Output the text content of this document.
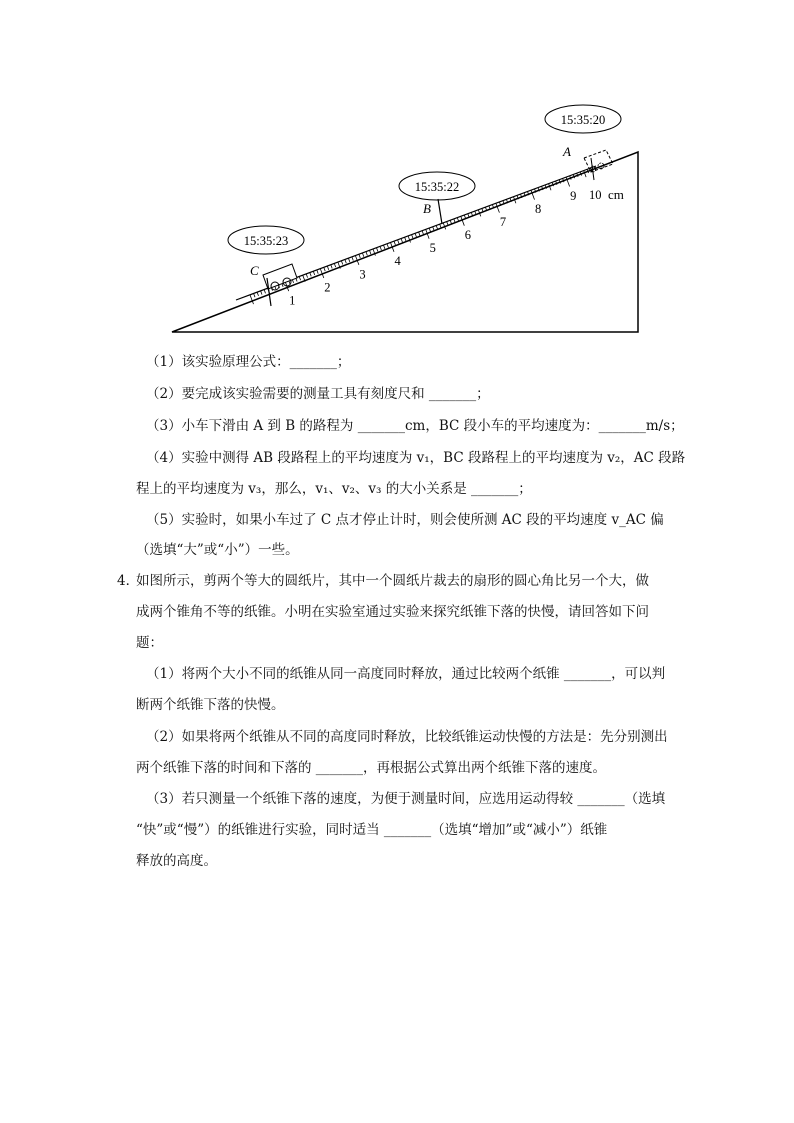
1
2
3
4
5
6
7
8
9 10 cm
A
15:35:20
B
15:35:22
C
15:35:23
（1）该实验原理公式：_______；
（2）要完成该实验需要的测量工具有刻度尺和 _______；
（3）小车下滑由 A 到 B 的路程为 _______cm，BC 段小车的平均速度为：_______m/s；
（4）实验中测得 AB 段路程上的平均速度为 v₁，BC 段路程上的平均速度为 v₂，AC 段路
程上的平均速度为 v₃，那么，v₁、v₂、v₃ 的大小关系是 _______；
（5）实验时，如果小车过了 C 点才停止计时，则会使所测 AC 段的平均速度 v_AC 偏
（选填“大”或“小”）一些。
4．
如图所示，剪两个等大的圆纸片，其中一个圆纸片裁去的扇形的圆心角比另一个大，做
成两个锥角不等的纸锥。小明在实验室通过实验来探究纸锥下落的快慢，请回答如下问
题：
（1）将两个大小不同的纸锥从同一高度同时释放，通过比较两个纸锥 _______，可以判
断两个纸锥下落的快慢。
（2）如果将两个纸锥从不同的高度同时释放，比较纸锥运动快慢的方法是：先分别测出
两个纸锥下落的时间和下落的 _______，再根据公式算出两个纸锥下落的速度。
（3）若只测量一个纸锥下落的速度，为便于测量时间，应选用运动得较 _______（选填
“快”或“慢”）的纸锥进行实验，同时适当 _______（选填“增加”或“减小”）纸锥
释放的高度。
